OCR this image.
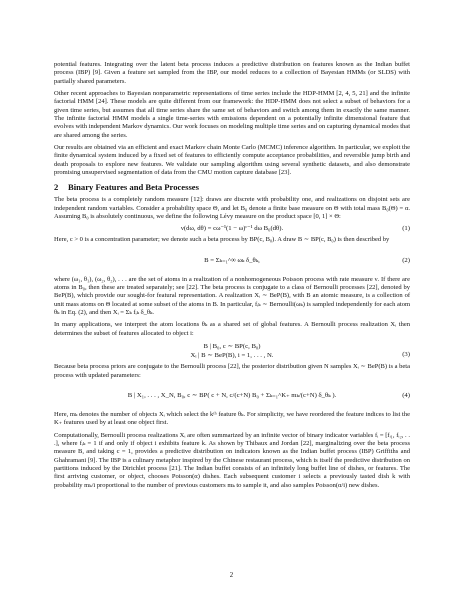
potential features. Integrating over the latent beta process induces a predictive distribution on features known as the Indian buffet process (IBP) [9]. Given a feature set sampled from the IBP, our model reduces to a collection of Bayesian HMMs (or SLDS) with partially shared parameters.

Other recent approaches to Bayesian nonparametric representations of time series include the HDP-HMM [2, 4, 5, 21] and the infinite factorial HMM [24]. These models are quite different from our framework: the HDP-HMM does not select a subset of behaviors for a given time series, but assumes that all time series share the same set of behaviors and switch among them in exactly the same manner. The infinite factorial HMM models a single time-series with emissions dependent on a potentially infinite dimensional feature that evolves with independent Markov dynamics. Our work focuses on modeling multiple time series and on capturing dynamical modes that are shared among the series.

Our results are obtained via an efficient and exact Markov chain Monte Carlo (MCMC) inference algorithm. In particular, we exploit the finite dynamical system induced by a fixed set of features to efficiently compute acceptance probabilities, and reversible jump birth and death proposals to explore new features. We validate our sampling algorithm using several synthetic datasets, and also demonstrate promising unsupervised segmentation of data from the CMU motion capture database [23].

2 Binary Features and Beta Processes

The beta process is a completely random measure [12]: draws are discrete with probability one, and realizations on disjoint sets are independent random variables. Consider a probability space Θ, and let B₀ denote a finite base measure on Θ with total mass B₀(Θ) = α. Assuming B₀ is absolutely continuous, we define the following Lévy measure on the product space [0, 1] × Θ:

ν(dω, dθ) = cω⁻¹(1 − ω)ᶜ⁻¹ dω B₀(dθ).	(1)

Here, c > 0 is a concentration parameter; we denote such a beta process by BP(c, B₀). A draw B ∼ BP(c, B₀) is then described by

B = Σₖ₌₁^∞ ωₖ δ_θₖ,	(2)

where (ω₁, θ₁), (ω₂, θ₂), . . . are the set of atoms in a realization of a nonhomogeneous Poisson process with rate measure ν. If there are atoms in B₀, then these are treated separately; see [22]. The beta process is conjugate to a class of Bernoulli processes [22], denoted by BeP(B), which provide our sought-for featural representation. A realization Xᵢ ∼ BeP(B), with B an atomic measure, is a collection of unit mass atoms on Θ located at some subset of the atoms in B. In particular, fᵢₖ ∼ Bernoulli(ωₖ) is sampled independently for each atom θₖ in Eq. (2), and then Xᵢ = Σₖ fᵢₖ δ_θₖ.

In many applications, we interpret the atom locations θₖ as a shared set of global features. A Bernoulli process realization Xᵢ then determines the subset of features allocated to object i:

B | B₀, c ∼ BP(c, B₀)
Xᵢ | B ∼ BeP(B), i = 1, . . . , N.	(3)

Because beta process priors are conjugate to the Bernoulli process [22], the posterior distribution given N samples Xᵢ ∼ BeP(B) is a beta process with updated parameters:

B | X₁, . . . , X_N, B₀, c ∼ BP( c + N, c/(c+N) B₀ + Σₖ₌₁^K₊ mₖ/(c+N) δ_θₖ ).	(4)

Here, mₖ denotes the number of objects Xᵢ which select the kᵗʰ feature θₖ. For simplicity, we have reordered the feature indices to list the K₊ features used by at least one object first.

Computationally, Bernoulli process realizations Xᵢ are often summarized by an infinite vector of binary indicator variables fᵢ = [fᵢ₁, fᵢ₂, . . .], where fᵢₖ = 1 if and only if object i exhibits feature k. As shown by Thibaux and Jordan [22], marginalizing over the beta process measure B, and taking c = 1, provides a predictive distribution on indicators known as the Indian buffet process (IBP) Griffiths and Ghahramani [9]. The IBP is a culinary metaphor inspired by the Chinese restaurant process, which is itself the predictive distribution on partitions induced by the Dirichlet process [21]. The Indian buffet consists of an infinitely long buffet line of dishes, or features. The first arriving customer, or object, chooses Poisson(α) dishes. Each subsequent customer i selects a previously tasted dish k with probability mₖ/i proportional to the number of previous customers mₖ to sample it, and also samples Poisson(α/i) new dishes.

2
